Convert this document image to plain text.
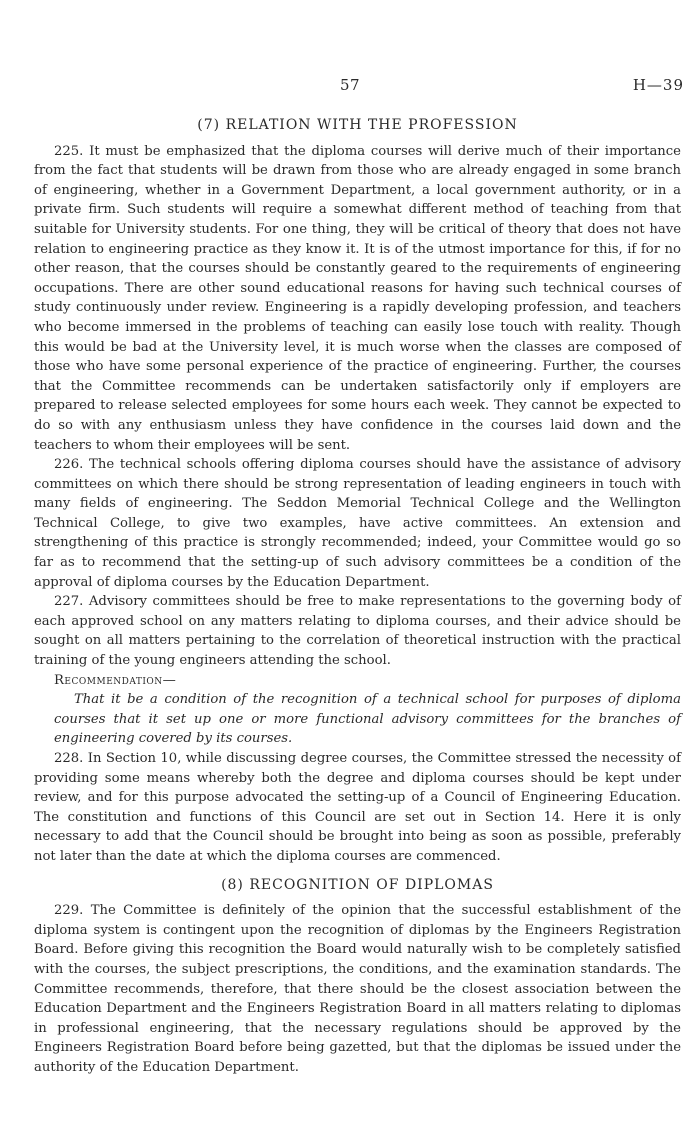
57	H—39
(7) RELATION WITH THE PROFESSION

225. It must be emphasized that the diploma courses will derive much of their importance from the fact that students will be drawn from those who are already engaged in some branch of engineering, whether in a Government Department, a local government authority, or in a private firm. Such students will require a somewhat different method of teaching from that suitable for University students. For one thing, they will be critical of theory that does not have relation to engineering practice as they know it. It is of the utmost importance for this, if for no other reason, that the courses should be constantly geared to the requirements of engineering occupations. There are other sound educational reasons for having such technical courses of study continuously under review. Engineering is a rapidly developing profession, and teachers who become immersed in the problems of teaching can easily lose touch with reality. Though this would be bad at the University level, it is much worse when the classes are composed of those who have some personal experience of the practice of engineering. Further, the courses that the Committee recommends can be undertaken satisfactorily only if employers are prepared to release selected employees for some hours each week. They cannot be expected to do so with any enthusiasm unless they have confidence in the courses laid down and the teachers to whom their employees will be sent.

226. The technical schools offering diploma courses should have the assistance of advisory committees on which there should be strong representation of leading engineers in touch with many fields of engineering. The Seddon Memorial Technical College and the Wellington Technical College, to give two examples, have active committees. An extension and strengthening of this practice is strongly recommended; indeed, your Committee would go so far as to recommend that the setting-up of such advisory committees be a condition of the approval of diploma courses by the Education Department.

227. Advisory committees should be free to make representations to the governing body of each approved school on any matters relating to diploma courses, and their advice should be sought on all matters pertaining to the correlation of theoretical instruction with the practical training of the young engineers attending the school.

Recommendation—

That it be a condition of the recognition of a technical school for purposes of diploma courses that it set up one or more functional advisory committees for the branches of engineering covered by its courses.

228. In Section 10, while discussing degree courses, the Committee stressed the necessity of providing some means whereby both the degree and diploma courses should be kept under review, and for this purpose advocated the setting-up of a Council of Engineering Education. The constitution and functions of this Council are set out in Section 14. Here it is only necessary to add that the Council should be brought into being as soon as possible, preferably not later than the date at which the diploma courses are commenced.

(8) RECOGNITION OF DIPLOMAS

229. The Committee is definitely of the opinion that the successful establishment of the diploma system is contingent upon the recognition of diplomas by the Engineers Registration Board. Before giving this recognition the Board would naturally wish to be completely satisfied with the courses, the subject prescriptions, the conditions, and the examination standards. The Committee recommends, therefore, that there should be the closest association between the Education Department and the Engineers Registration Board in all matters relating to diplomas in professional engineering, that the necessary regulations should be approved by the Engineers Registration Board before being gazetted, but that the diplomas be issued under the authority of the Education Department.
